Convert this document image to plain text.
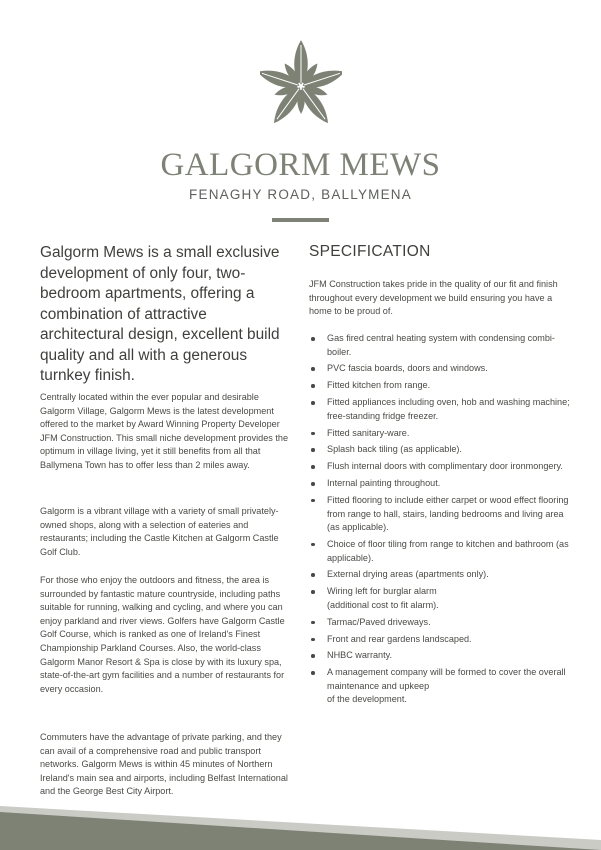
GALGORM MEWS

FENAGHY ROAD, BALLYMENA

Galgorm Mews is a small exclusive development of only four, two-bedroom apartments, offering a combination of attractive architectural design, excellent build quality and all with a generous turnkey finish.

Centrally located within the ever popular and desirable Galgorm Village, Galgorm Mews is the latest development offered to the market by Award Winning Property Developer JFM Construction. This small niche development provides the optimum in village living, yet it still benefits from all that Ballymena Town has to offer less than 2 miles away.

Galgorm is a vibrant village with a variety of small privately-owned shops, along with a selection of eateries and restaurants; including the Castle Kitchen at Galgorm Castle Golf Club.

For those who enjoy the outdoors and fitness, the area is surrounded by fantastic mature countryside, including paths suitable for running, walking and cycling, and where you can enjoy parkland and river views. Golfers have Galgorm Castle Golf Course, which is ranked as one of Ireland's Finest Championship Parkland Courses. Also, the world-class Galgorm Manor Resort & Spa is close by with its luxury spa, state-of-the-art gym facilities and a number of restaurants for every occasion.

Commuters have the advantage of private parking, and they can avail of a comprehensive road and public transport networks. Galgorm Mews is within 45 minutes of Northern Ireland's main sea and airports, including Belfast International and the George Best City Airport.

SPECIFICATION

JFM Construction takes pride in the quality of our fit and finish throughout every development we build ensuring you have a home to be proud of.

Gas fired central heating system with condensing combi-boiler.
PVC fascia boards, doors and windows.
Fitted kitchen from range.
Fitted appliances including oven, hob and washing machine; free-standing fridge freezer.
Fitted sanitary-ware.
Splash back tiling (as applicable).
Flush internal doors with complimentary door ironmongery.
Internal painting throughout.
Fitted flooring to include either carpet or wood effect flooring from range to hall, stairs, landing bedrooms and living area (as applicable).
Choice of floor tiling from range to kitchen and bathroom (as applicable).
External drying areas (apartments only).
Wiring left for burglar alarm
(additional cost to fit alarm).
Tarmac/Paved driveways.
Front and rear gardens landscaped.
NHBC warranty.
A management company will be formed to cover the overall maintenance and upkeep
of the development.
